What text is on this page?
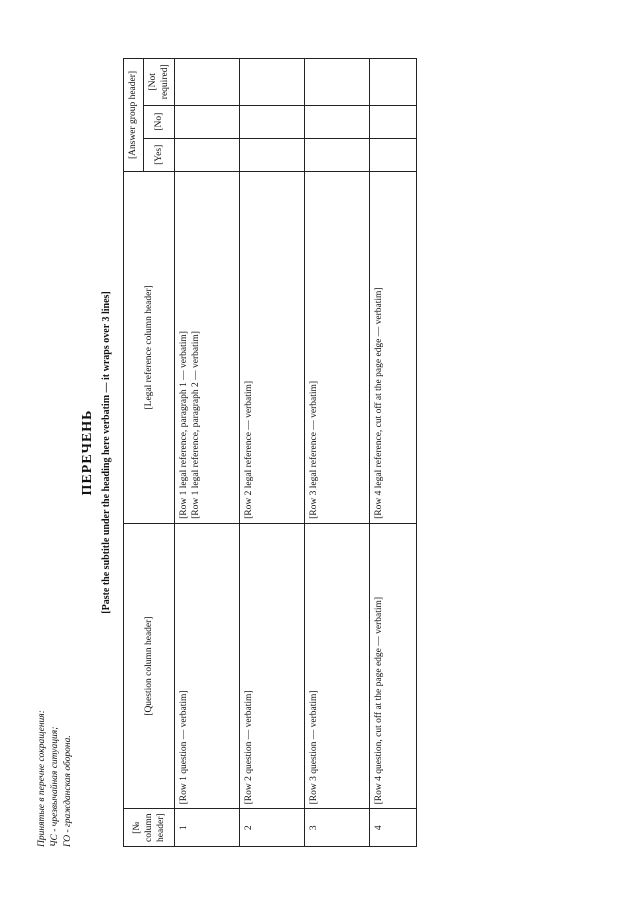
Принятые в перечне сокращения: ЧС - чрезвычайная ситуация; ГО - гражданская оборона.
ПЕРЕЧЕНЬ [Paste the subtitle under the heading here verbatim — it wraps over 3 lines]
[№ column header]	[Question column header]	[Legal reference column header]	[Answer group header]		
			[Yes]	[No]	[Not required]
1	[Row 1 question — verbatim]	[Row 1 legal reference, paragraph 1 — verbatim] [Row 1 legal reference, paragraph 2 — verbatim]			

2	[Row 2 question — verbatim]	[Row 2 legal reference — verbatim]			

3	[Row 3 question — verbatim]	[Row 3 legal reference — verbatim]			

4	[Row 4 question, cut off at the page edge — verbatim]	[Row 4 legal reference, cut off at the page edge — verbatim]			
